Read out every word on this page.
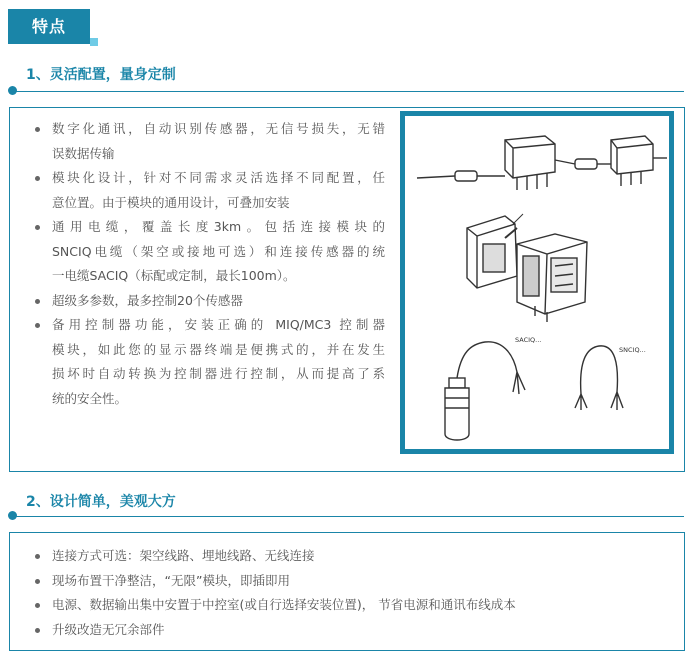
特点
1、灵活配置，量身定制
数字化通讯，自动识别传感器，无信号损失，无错
误数据传输
模块化设计，针对不同需求灵活选择不同配置，任
意位置。由于模块的通用设计，可叠加安装
通用电缆，覆盖长度3km。包括连接模块的
SNCIQ电缆（架空或接地可选）和连接传感器的统
一电缆SACIQ（标配或定制，最长100m）。
超级多参数，最多控制20个传感器
备用控制器功能，安装正确的 MIQ/MC3 控制器
模块，如此您的显示器终端是便携式的，并在发生
损坏时自动转换为控制器进行控制，从而提高了系
统的安全性。
SACIQ...
SNCIQ...
2、设计简单，美观大方
连接方式可选：架空线路、埋地线路、无线连接
现场布置干净整洁，“无限”模块，即插即用
电源、数据输出集中安置于中控室(或自行选择安装位置)， 节省电源和通讯布线成本
升级改造无冗余部件
